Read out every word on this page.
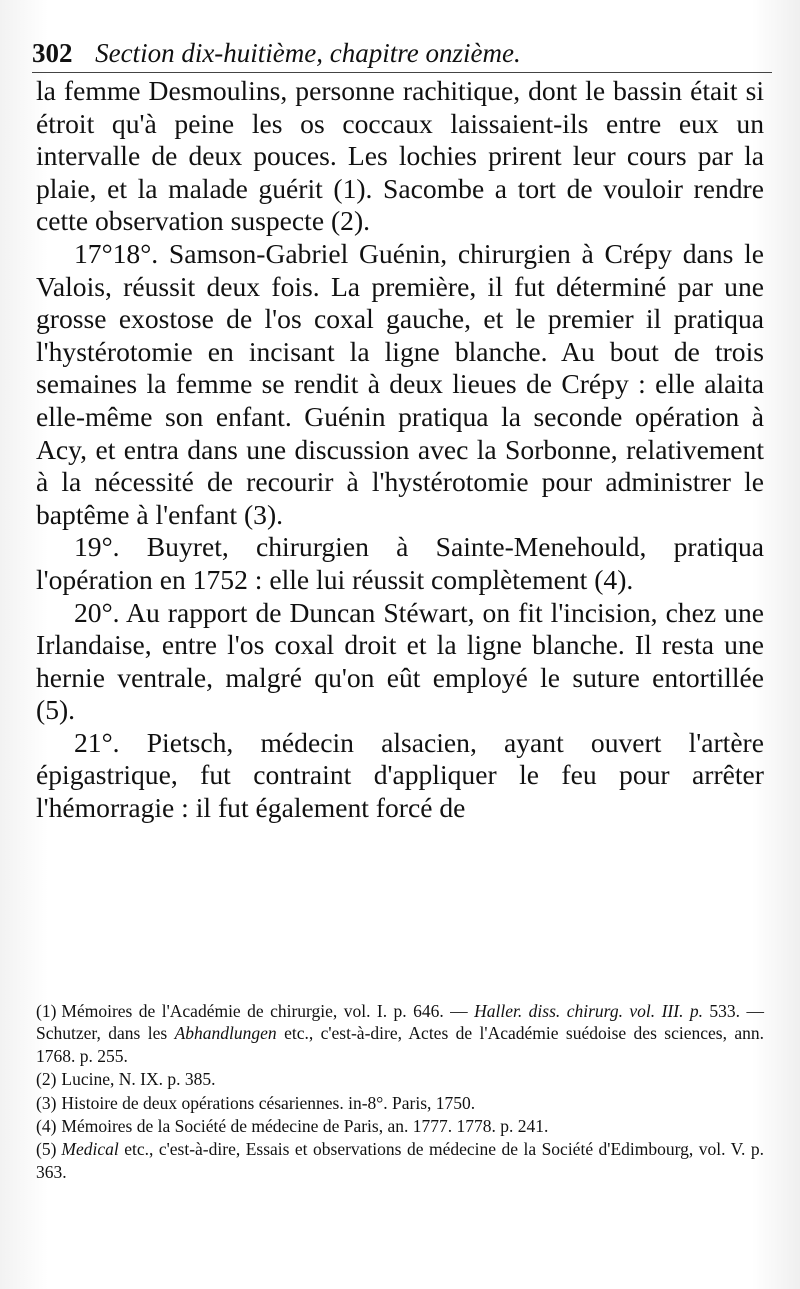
302 Section dix-huitième, chapitre onzième.

la femme Desmoulins, personne rachitique, dont le bassin était si étroit qu'à peine les os coccaux laissaient-ils entre eux un intervalle de deux pouces. Les lochies prirent leur cours par la plaie, et la malade guérit (1). Sacombe a tort de vouloir rendre cette observation suspecte (2).

17°18°. Samson-Gabriel Guénin, chirurgien à Crépy dans le Valois, réussit deux fois. La première, il fut déterminé par une grosse exostose de l'os coxal gauche, et le premier il pratiqua l'hystérotomie en incisant la ligne blanche. Au bout de trois semaines la femme se rendit à deux lieues de Crépy : elle alaita elle-même son enfant. Guénin pratiqua la seconde opération à Acy, et entra dans une discussion avec la Sorbonne, relativement à la nécessité de recourir à l'hystérotomie pour administrer le baptême à l'enfant (3).

19°. Buyret, chirurgien à Sainte-Menehould, pratiqua l'opération en 1752 : elle lui réussit complètement (4).

20°. Au rapport de Duncan Stéwart, on fit l'incision, chez une Irlandaise, entre l'os coxal droit et la ligne blanche. Il resta une hernie ventrale, malgré qu'on eût employé le suture entortillée (5).

21°. Pietsch, médecin alsacien, ayant ouvert l'artère épigastrique, fut contraint d'appliquer le feu pour arrêter l'hémorragie : il fut également forcé de

(1) Mémoires de l'Académie de chirurgie, vol. I. p. 646. — Haller. diss. chirurg. vol. III. p. 533. — Schutzer, dans les Abhandlungen etc., c'est-à-dire, Actes de l'Académie suédoise des sciences, ann. 1768. p. 255.

(2) Lucine, N. IX. p. 385.

(3) Histoire de deux opérations césariennes. in-8°. Paris, 1750.

(4) Mémoires de la Société de médecine de Paris, an. 1777. 1778. p. 241.

(5) Medical etc., c'est-à-dire, Essais et observations de médecine de la Société d'Edimbourg, vol. V. p. 363.
